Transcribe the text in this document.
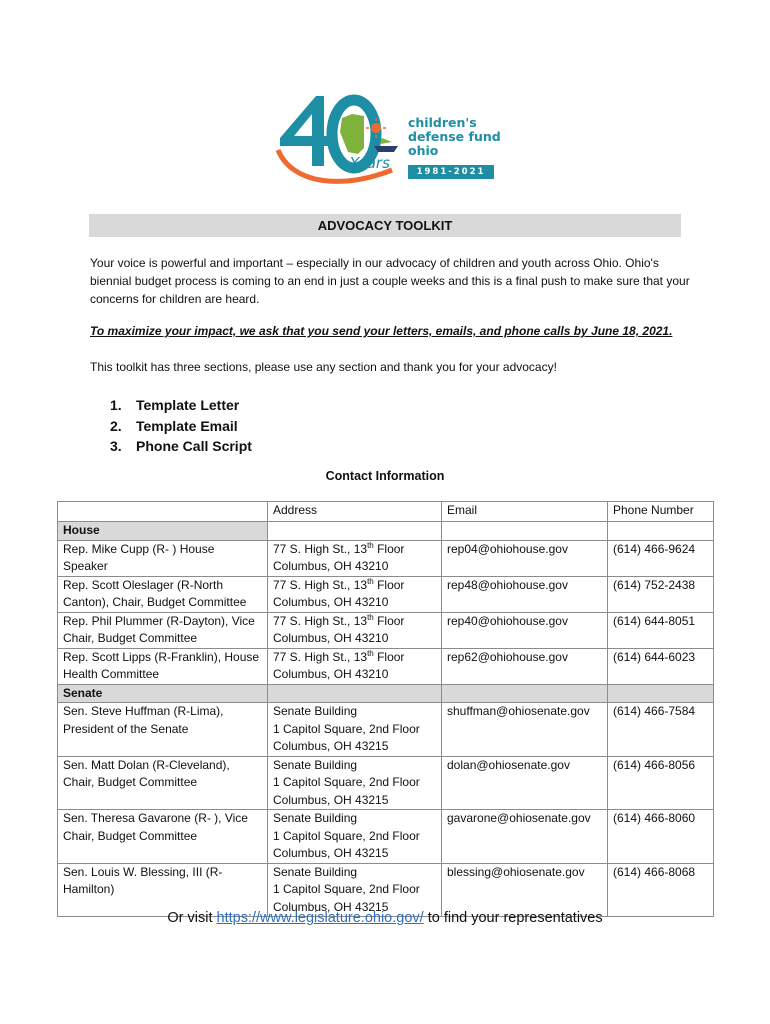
Years
children's
defense fund
ohio
1981-2021
ADVOCACY TOOLKIT
Your voice is powerful and important – especially in our advocacy of children and youth across Ohio. Ohio's biennial budget process is coming to an end in just a couple weeks and this is a final push to make sure that your concerns for children are heard.
To maximize your impact, we ask that you send your letters, emails, and phone calls by June 18, 2021.
This toolkit has three sections, please use any section and thank you for your advocacy!
1. Template Letter
2. Template Email
3. Phone Call Script
Contact Information
	Address	Email	Phone Number
House			
Rep. Mike Cupp (R- ) House Speaker	77 S. High St., 13th Floor
Columbus, OH 43210	rep04@ohiohouse.gov	(614) 466-9624
Rep. Scott Oleslager (R-North Canton), Chair, Budget Committee	77 S. High St., 13th Floor
Columbus, OH 43210	rep48@ohiohouse.gov	(614) 752-2438
Rep. Phil Plummer (R-Dayton), Vice Chair, Budget Committee	77 S. High St., 13th Floor
Columbus, OH 43210	rep40@ohiohouse.gov	(614) 644-8051
Rep. Scott Lipps (R-Franklin), House Health Committee	77 S. High St., 13th Floor
Columbus, OH 43210	rep62@ohiohouse.gov	(614) 644-6023
Senate			
Sen. Steve Huffman (R-Lima), President of the Senate	Senate Building
1 Capitol Square, 2nd Floor
Columbus, OH 43215	shuffman@ohiosenate.gov	(614) 466-7584
Sen. Matt Dolan (R-Cleveland), Chair, Budget Committee	Senate Building
1 Capitol Square, 2nd Floor
Columbus, OH 43215	dolan@ohiosenate.gov	(614) 466-8056
Sen. Theresa Gavarone (R- ), Vice Chair, Budget Committee	Senate Building
1 Capitol Square, 2nd Floor
Columbus, OH 43215	gavarone@ohiosenate.gov	(614) 466-8060
Sen. Louis W. Blessing, III (R-Hamilton)	Senate Building
1 Capitol Square, 2nd Floor
Columbus, OH 43215	blessing@ohiosenate.gov	(614) 466-8068
Or visit https://www.legislature.ohio.gov/ to find your representatives
